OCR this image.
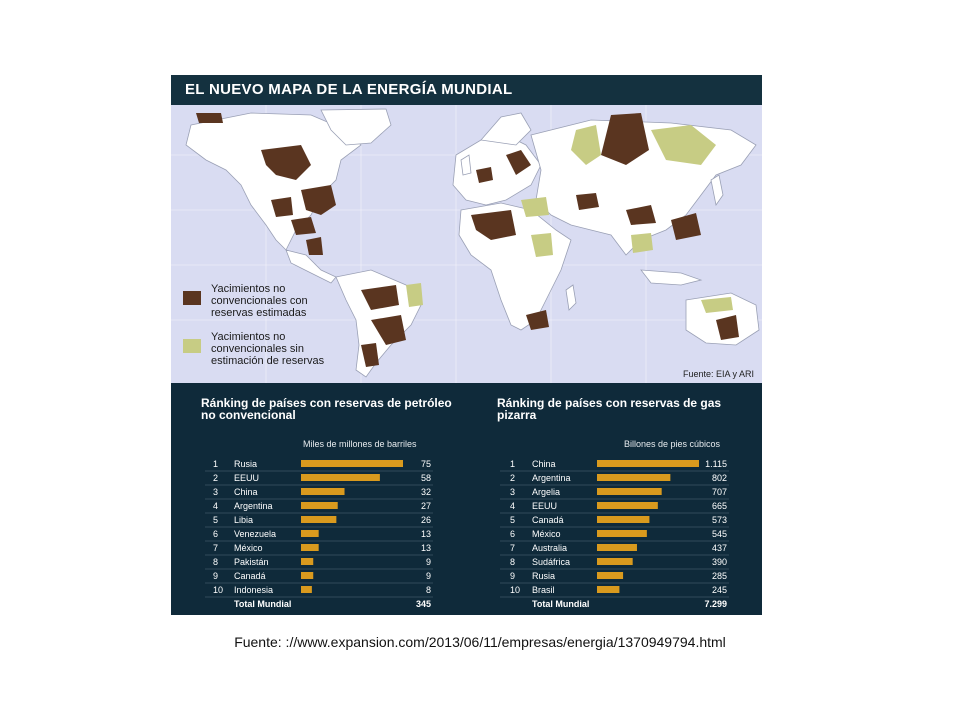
EL NUEVO MAPA DE LA ENERGÍA MUNDIAL
Yacimientos no convencionales con reservas estimadas
Yacimientos no convencionales sin estimación de reservas
Fuente: EIA y ARI
Ránking de países con reservas de petróleo no convencional
Miles de millones de barriles
1 Rusia	75
2 EEUU	58
3 China	32
4 Argentina	27
5 Libia	26
6 Venezuela	13
7 México	13
8 Pakistán	9
9 Canadá	9
10 Indonesia	8
Total Mundial	345
Ránking de países con reservas de gas pizarra
Billones de pies cúbicos
1 China	1.115
2 Argentina	802
3 Argelia	707
4 EEUU	665
5 Canadá	573
6 México	545
7 Australia	437
8 Sudáfrica	390
9 Rusia	285
10 Brasil	245
Total Mundial	7.299
Fuente: ://www.expansion.com/2013/06/11/empresas/energia/1370949794.html
